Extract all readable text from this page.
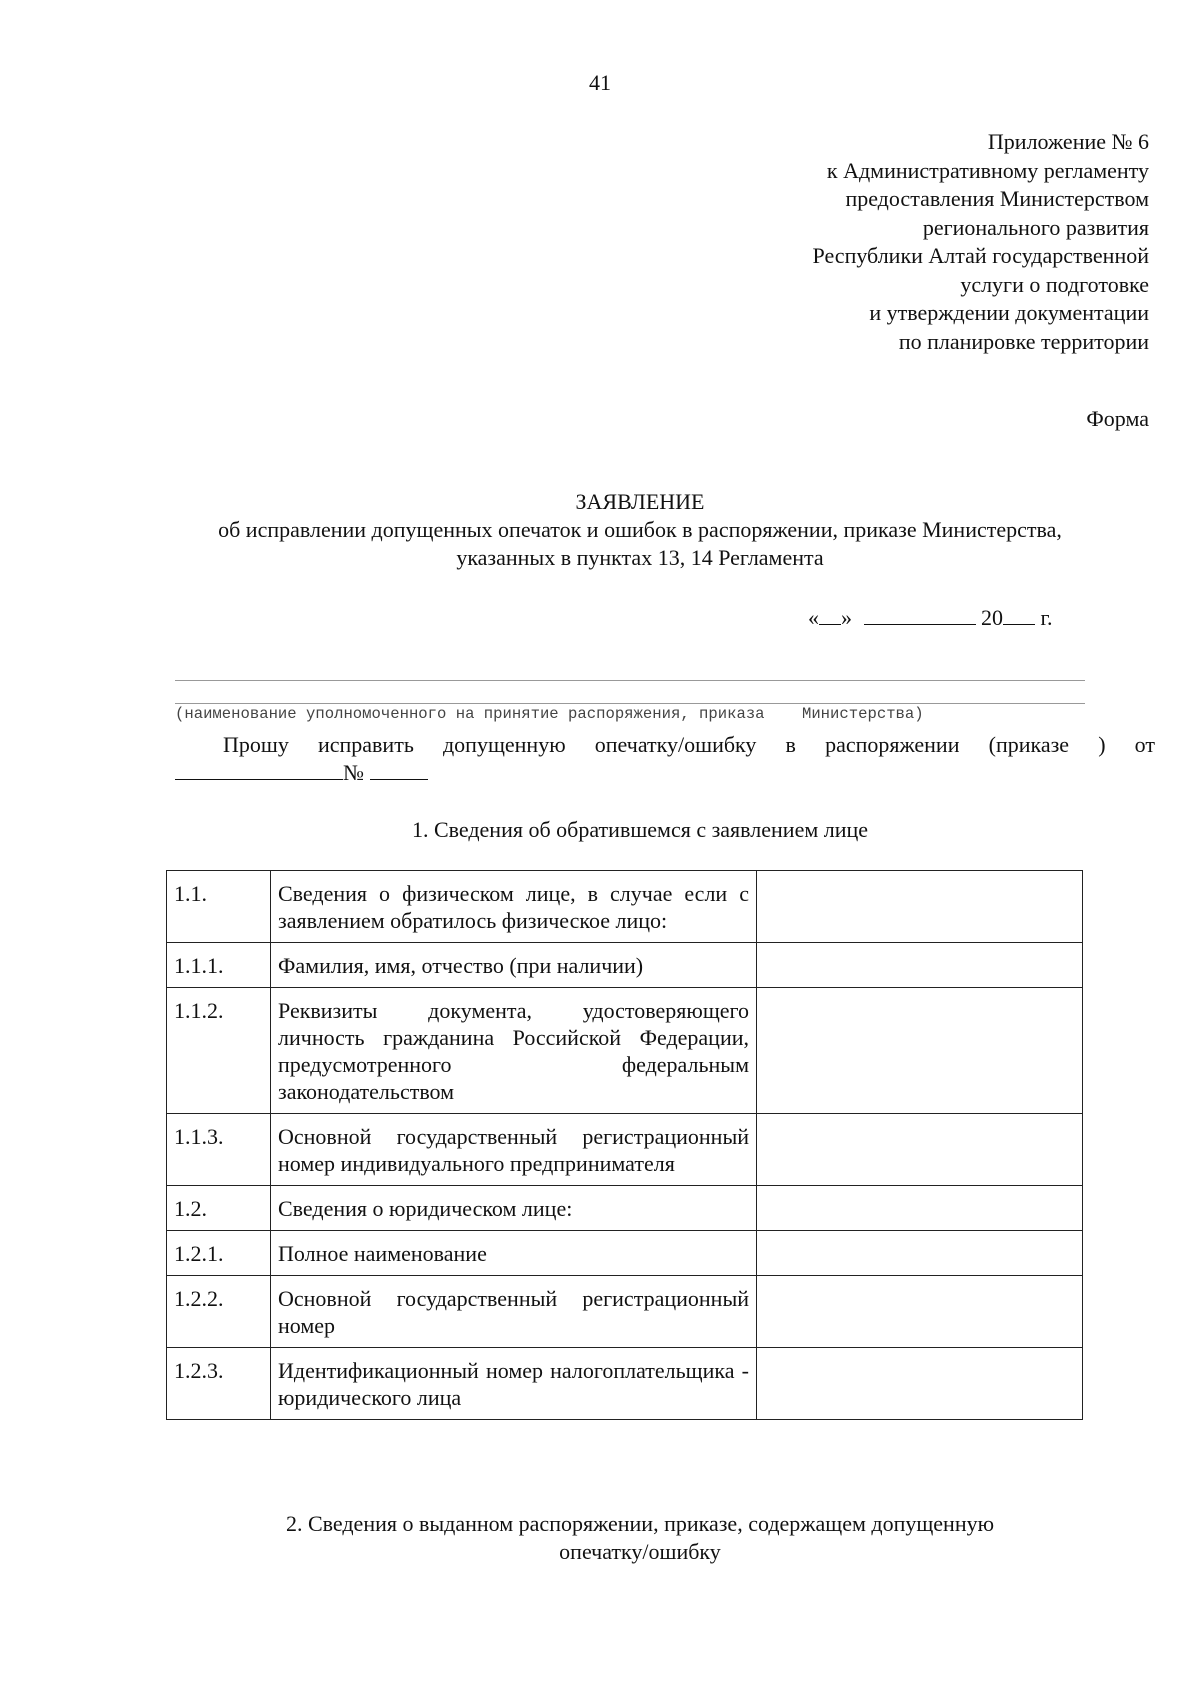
41
Приложение № 6
к Административному регламенту
предоставления Министерством
регионального развития
Республики Алтай государственной
услуги о подготовке
и утверждении документации
по планировке территории
Форма
ЗАЯВЛЕНИЕ
об исправлении допущенных опечаток и ошибок в распоряжении, приказе Министерства,
указанных в пунктах 13, 14 Регламента
« »	20 г.
(наименование уполномоченного на принятие распоряжения, приказа    Министерства)
Прошу исправить допущенную опечатку/ошибку в распоряжении (приказе ) от
№
1. Сведения об обратившемся с заявлением лице
1.1.	Сведения о физическом лице, в случае если с заявлением обратилось физическое лицо:	
1.1.1.	Фамилия, имя, отчество (при наличии)	
1.1.2.	Реквизиты документа, удостоверяющего личность гражданина Российской Федерации, предусмотренного федеральным законодательством	
1.1.3.	Основной государственный регистрационный номер индивидуального предпринимателя	
1.2.	Сведения о юридическом лице:	
1.2.1.	Полное наименование	
1.2.2.	Основной государственный регистрационный номер	
1.2.3.	Идентификационный номер налогоплательщика - юридического лица	
2. Сведения о выданном распоряжении, приказе, содержащем допущенную
опечатку/ошибку
